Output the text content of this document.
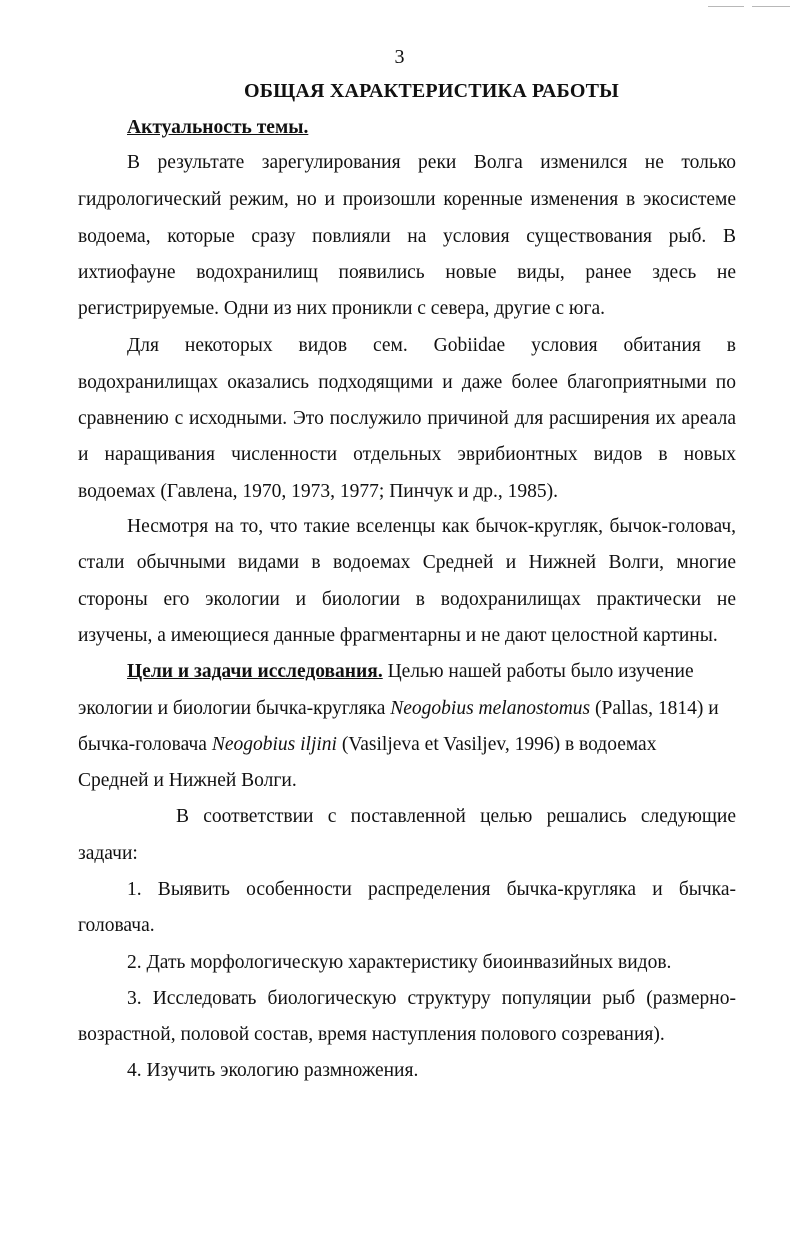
3
ОБЩАЯ ХАРАКТЕРИСТИКА РАБОТЫ
Актуальность темы.
В результате зарегулирования реки Волга изменился не только
гидрологический режим, но и произошли коренные изменения в экосистеме
водоема, которые сразу повлияли на условия существования рыб. В
ихтиофауне водохранилищ появились новые виды, ранее здесь не
регистрируемые. Одни из них проникли с севера, другие с юга.
Для некоторых видов сем. Gobiidae условия обитания в
водохранилищах оказались подходящими и даже более благоприятными по
сравнению с исходными. Это послужило причиной для расширения их ареала
и наращивания численности отдельных эврибионтных видов в новых
водоемах (Гавлена, 1970, 1973, 1977; Пинчук и др., 1985).
Несмотря на то, что такие вселенцы как бычок-кругляк, бычок-головач,
стали обычными видами в водоемах Средней и Нижней Волги, многие
стороны его экологии и биологии в водохранилищах практически не
изучены, а имеющиеся данные фрагментарны и не дают целостной картины.
Цели и задачи исследования. Целью нашей работы было изучение
экологии и биологии бычка-кругляка Neogobius melanostomus (Pallas, 1814) и
бычка-головача Neogobius iljini (Vasiljeva et Vasiljev, 1996) в водоемах
Средней и Нижней Волги.
В соответствии с поставленной целью решались следующие
задачи:
1. Выявить особенности распределения бычка-кругляка и бычка-
головача.
2. Дать морфологическую характеристику биоинвазийных видов.
3. Исследовать биологическую структуру популяции рыб (размерно-
возрастной, половой состав, время наступления полового созревания).
4. Изучить экологию размножения.
